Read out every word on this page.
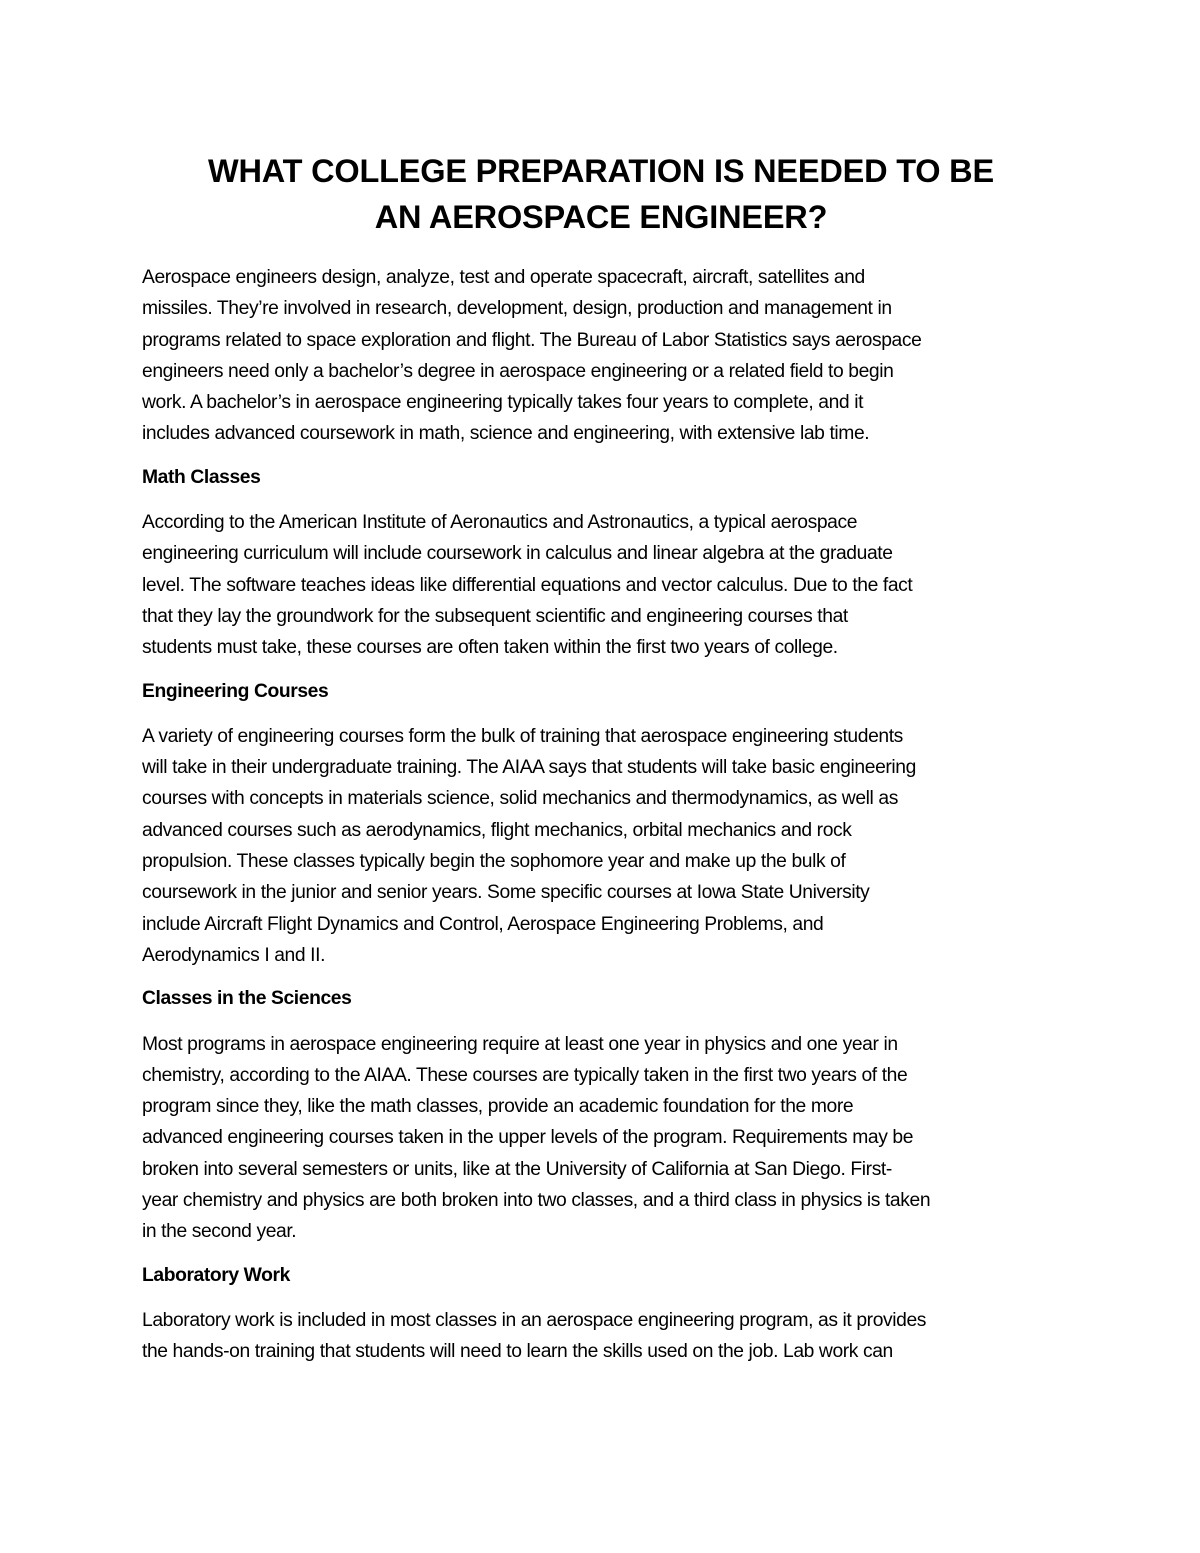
WHAT COLLEGE PREPARATION IS NEEDED TO BE
AN AEROSPACE ENGINEER?

Aerospace engineers design, analyze, test and operate spacecraft, aircraft, satellites and
missiles. They’re involved in research, development, design, production and management in
programs related to space exploration and flight. The Bureau of Labor Statistics says aerospace
engineers need only a bachelor’s degree in aerospace engineering or a related field to begin
work. A bachelor’s in aerospace engineering typically takes four years to complete, and it
includes advanced coursework in math, science and engineering, with extensive lab time.

Math Classes

According to the American Institute of Aeronautics and Astronautics, a typical aerospace
engineering curriculum will include coursework in calculus and linear algebra at the graduate
level. The software teaches ideas like differential equations and vector calculus. Due to the fact
that they lay the groundwork for the subsequent scientific and engineering courses that
students must take, these courses are often taken within the first two years of college.

Engineering Courses

A variety of engineering courses form the bulk of training that aerospace engineering students
will take in their undergraduate training. The AIAA says that students will take basic engineering
courses with concepts in materials science, solid mechanics and thermodynamics, as well as
advanced courses such as aerodynamics, flight mechanics, orbital mechanics and rock
propulsion. These classes typically begin the sophomore year and make up the bulk of
coursework in the junior and senior years. Some specific courses at Iowa State University
include Aircraft Flight Dynamics and Control, Aerospace Engineering Problems, and
Aerodynamics I and II.

Classes in the Sciences

Most programs in aerospace engineering require at least one year in physics and one year in
chemistry, according to the AIAA. These courses are typically taken in the first two years of the
program since they, like the math classes, provide an academic foundation for the more
advanced engineering courses taken in the upper levels of the program. Requirements may be
broken into several semesters or units, like at the University of California at San Diego. First-
year chemistry and physics are both broken into two classes, and a third class in physics is taken
in the second year.

Laboratory Work

Laboratory work is included in most classes in an aerospace engineering program, as it provides
the hands-on training that students will need to learn the skills used on the job. Lab work can
